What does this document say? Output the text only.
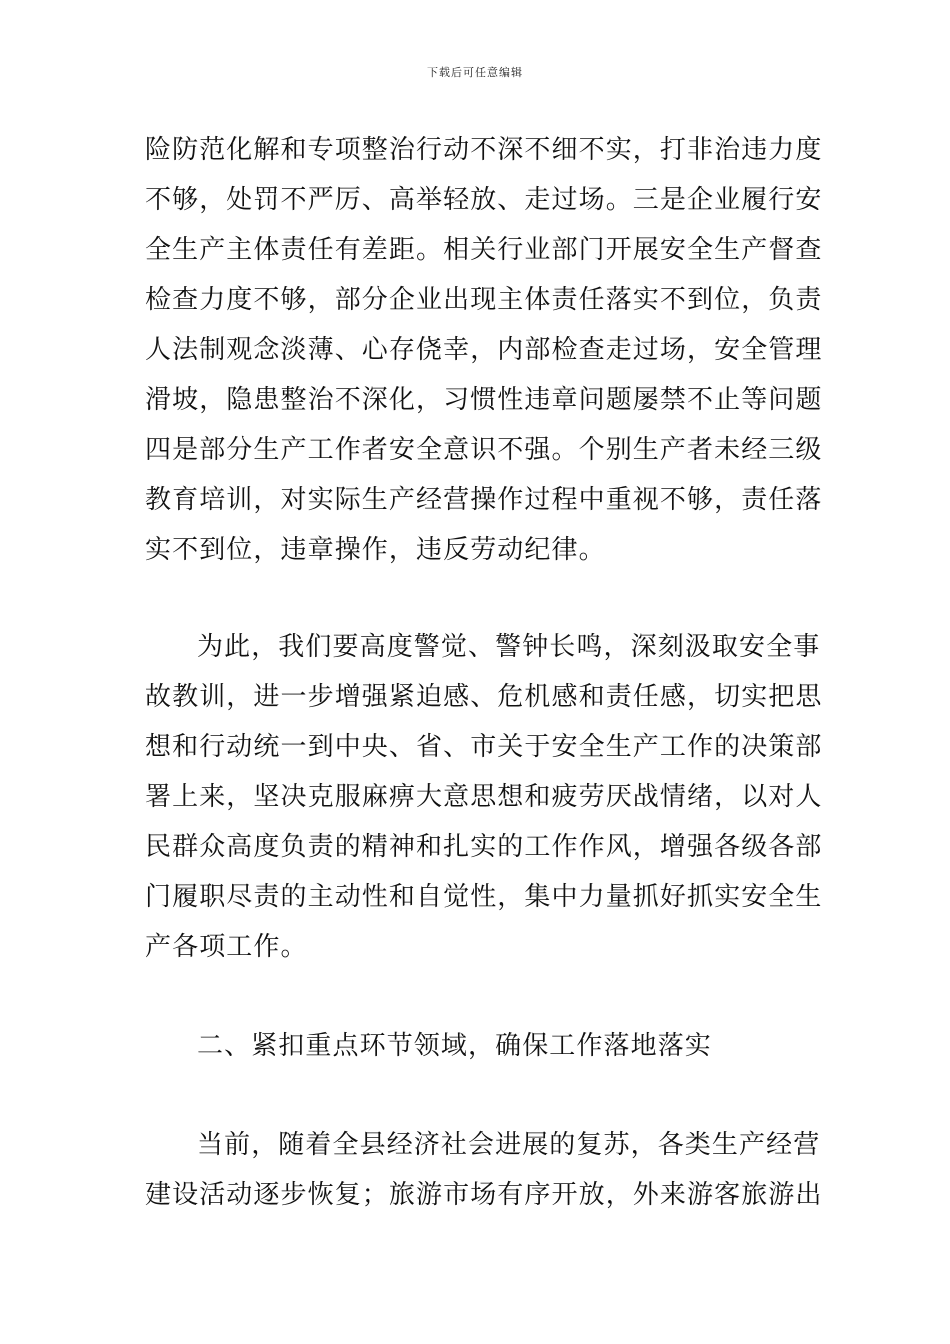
下载后可任意编辑
险防范化解和专项整治行动不深不细不实，打非治违力度
不够，处罚不严厉、高举轻放、走过场。三是企业履行安
全生产主体责任有差距。相关行业部门开展安全生产督查
检查力度不够，部分企业出现主体责任落实不到位，负责
人法制观念淡薄、心存侥幸，内部检查走过场，安全管理
滑坡，隐患整治不深化，习惯性违章问题屡禁不止等问题
四是部分生产工作者安全意识不强。个别生产者未经三级
教育培训，对实际生产经营操作过程中重视不够，责任落
实不到位，违章操作，违反劳动纪律。
为此，我们要高度警觉、警钟长鸣，深刻汲取安全事
故教训，进一步增强紧迫感、危机感和责任感，切实把思
想和行动统一到中央、省、市关于安全生产工作的决策部
署上来，坚决克服麻痹大意思想和疲劳厌战情绪，以对人
民群众高度负责的精神和扎实的工作作风，增强各级各部
门履职尽责的主动性和自觉性，集中力量抓好抓实安全生
产各项工作。
二、紧扣重点环节领域，确保工作落地落实
当前，随着全县经济社会进展的复苏，各类生产经营
建设活动逐步恢复；旅游市场有序开放，外来游客旅游出
